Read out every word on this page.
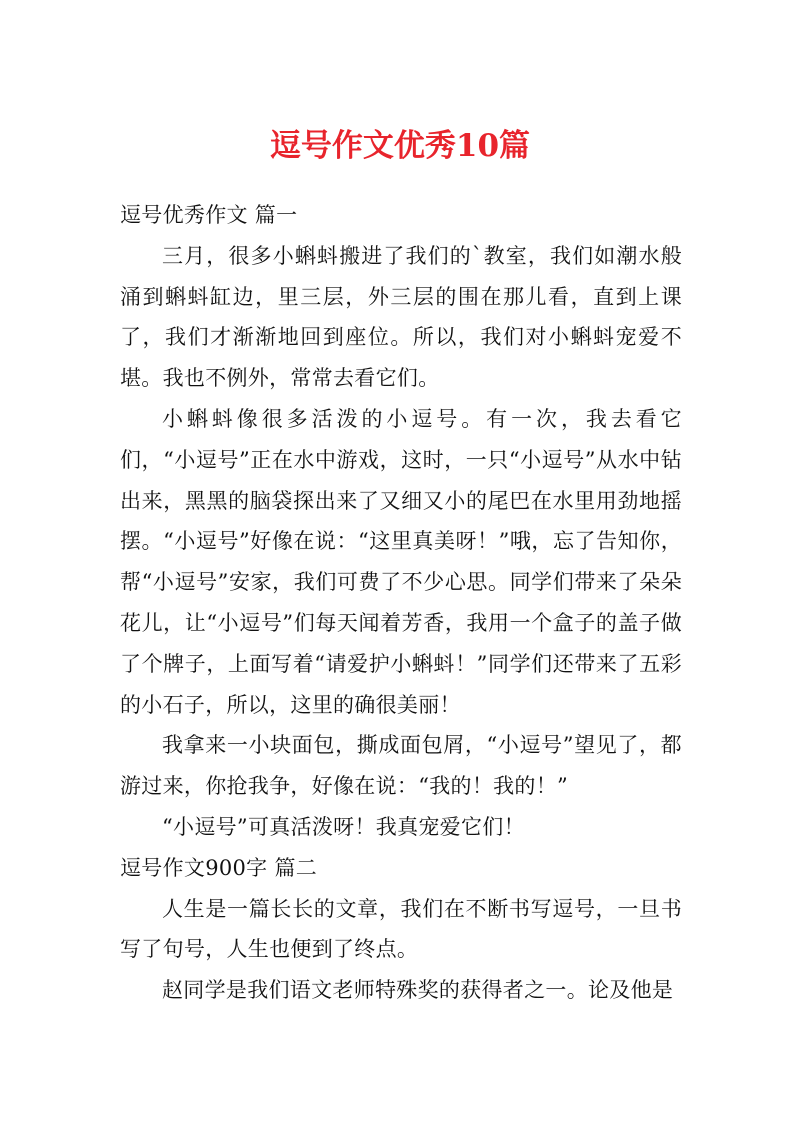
逗号作文优秀10篇

逗号优秀作文 篇一

三月，很多小蝌蚪搬进了我们的`教室，我们如潮水般涌到蝌蚪缸边，里三层，外三层的围在那儿看，直到上课了，我们才渐渐地回到座位。所以，我们对小蝌蚪宠爱不堪。我也不例外，常常去看它们。

小蝌蚪像很多活泼的小逗号。有一次，我去看它们，“小逗号”正在水中游戏，这时，一只“小逗号”从水中钻出来，黑黑的脑袋探出来了又细又小的尾巴在水里用劲地摇摆。“小逗号”好像在说：“这里真美呀！”哦，忘了告知你，帮“小逗号”安家，我们可费了不少心思。同学们带来了朵朵花儿，让“小逗号”们每天闻着芳香，我用一个盒子的盖子做了个牌子，上面写着“请爱护小蝌蚪！”同学们还带来了五彩的小石子，所以，这里的确很美丽！

我拿来一小块面包，撕成面包屑，“小逗号”望见了，都游过来，你抢我争，好像在说：“我的！我的！”

“小逗号”可真活泼呀！我真宠爱它们！

逗号作文900字 篇二

人生是一篇长长的文章，我们在不断书写逗号，一旦书写了句号，人生也便到了终点。

赵同学是我们语文老师特殊奖的获得者之一。论及他是
